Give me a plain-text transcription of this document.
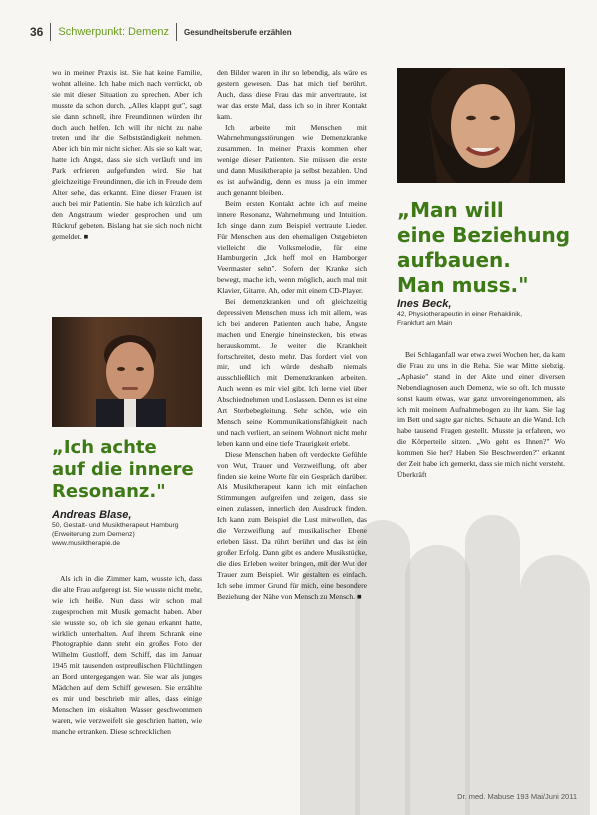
36 Schwerpunkt: Demenz Gesundheitsberufe erzählen

wo in meiner Praxis ist. Sie hat keine Familie, wohnt alleine. Ich habe mich nach verrückt, ob sie mit dieser Situation zu sprechen. Aber ich musste da schon durch. „Alles klappt gut", sagt sie dann schnell, ihre Freundinnen würden ihr doch auch helfen. Ich will ihr nicht zu nahe treten und ihr die Selbstständigkeit nehmen. Aber ich bin mir nicht sicher. Als sie so kalt war, hatte ich Angst, dass sie sich verläuft und im Park erfrieren aufgefunden wird. Sie hat gleichzeitige Freundinnen, die ich in Freude dem Alter sehe, das erkannt. Eine dieser Frauen ist auch bei mir Patientin. Sie habe ich kürzlich auf den Angstraum wieder gesprochen und um Rückruf gebeten. Bislang hat sie sich noch nicht gemeldet. ■

„Ich achte
auf die innere
Resonanz."
Andreas Blase,
50, Gestalt- und Musiktherapeut Hamburg
(Erweiterung zum Demenz)
www.musiktherapie.de

Als ich in die Zimmer kam, wusste ich, dass die alte Frau aufgeregt ist. Sie wusste nicht mehr, wie ich heiße. Nun dass wir schon mal zugesprochen mit Musik gemacht haben. Aber sie wusste so, ob ich sie genau erkannt hatte, wirklich unterhalten. Auf ihrem Schrank eine Photographie dann steht ein großes Foto der Wilhelm Gustloff, dem Schiff, das im Januar 1945 mit tausenden ostpreußischen Flüchtlingen an Bord untergegangen war. Sie war als junges Mädchen auf dem Schiff gewesen. Sie erzählte es mir und beschrieb mir alles, dass einige Menschen im eiskalten Wasser geschwommen waren, wie verzweifelt sie geschrien hatten, wie manche ertranken. Diese schrecklichen

den Bilder waren in ihr so lebendig, als wäre es gestern gewesen. Das hat mich tief berührt. Auch, dass diese Frau das mir anvertraute, ist war das erste Mal, dass ich so in ihrer Kontakt kam.

Ich arbeite mit Menschen mit Wahrnehmungsstörungen wie Demenzkranke zusammen. In meiner Praxis kommen eher wenige dieser Patienten. Sie müssen die erste und dann Musiktherapie ja selbst bezahlen. Und es ist aufwändig, denn es muss ja ein immer auch genannt bleiben.

Beim ersten Kontakt achte ich auf meine innere Resonanz, Wahrnehmung und Intuition. Ich singe dann zum Beispiel vertraute Lieder. Für Menschen aus den ehemaligen Ostgebieten vielleicht die Volksmelodie, für eine Hamburgerin „Ick heff mol en Hamborger Veermaster sehn". Sofern der Kranke sich bewegt, mache ich, wenn möglich, auch mal mit Klavier, Gitarre. Ah, oder mit einem CD-Player.

Bei demenzkranken und oft gleichzeitig depressiven Menschen muss ich mit allem, was ich bei anderen Patienten auch habe, Ängste machen und Energie hineinstecken, bis etwas herauskommt. Je weiter die Krankheit fortschreitet, desto mehr. Das fordert viel von mir, und ich würde deshalb niemals ausschließlich mit Demenzkranken arbeiten. Auch wenn es mir viel gibt. Ich lerne viel über Abschiednehmen und Loslassen. Denn es ist eine Art Sterbebegleitung. Sehr schön, wie ein Mensch seine Kommunikationsfähigkeit nach und nach verliert, an seinem Wohnort nicht mehr leben kann und eine tiefe Traurigkeit erlebt.

Diese Menschen haben oft verdeckte Gefühle von Wut, Trauer und Verzweiflung, oft aber finden sie keine Worte für ein Gespräch darüber. Als Musiktherapeut kann ich mit einfachen Stimmungen aufgreifen und zeigen, dass sie einen zulassen, innerlich den Ausdruck finden. Ich kann zum Beispiel die Lust mitwollen, das die Verzweiflung auf musikalischer Ebene erleben lässt. Da rührt berührt und das ist ein großer Erfolg. Dann gibt es andere Musikstücke, die dies Erleben weiter bringen, mit der Wut der Trauer zum Beispiel. Wir gestalten es einfach. Ich sehe immer Grund für mich, eine besondere Beziehung der Nähe von Mensch zu Mensch. ■

„Man will
eine Beziehung
aufbauen.
Man muss."
Ines Beck,
42, Physiotherapeutin in einer Rehaklinik,
Frankfurt am Main

Bei Schlaganfall war etwa zwei Wochen her, da kam die Frau zu uns in die Reha. Sie war Mitte siebzig. „Aphasie" stand in der Akte und einer diversen Nebendiagnosen auch Demenz, wie so oft. Ich musste sonst kaum etwas, war ganz unvoreingenommen, als ich mit meinem Aufnahmebogen zu ihr kam. Sie lag im Bett und sagte gar nichts. Schaute an die Wand. Ich habe tausend Fragen gestellt. Musste ja erfahren, wo die Körperteile sitzen. „Wo geht es Ihnen?" Wo kommen Sie her? Haben Sie Beschwerden?" erkannt der Zeit habe ich gemerkt, dass sie mich nicht versteht. Überkräft

Dr. med. Mabuse 193 Mai/Juni 2011
